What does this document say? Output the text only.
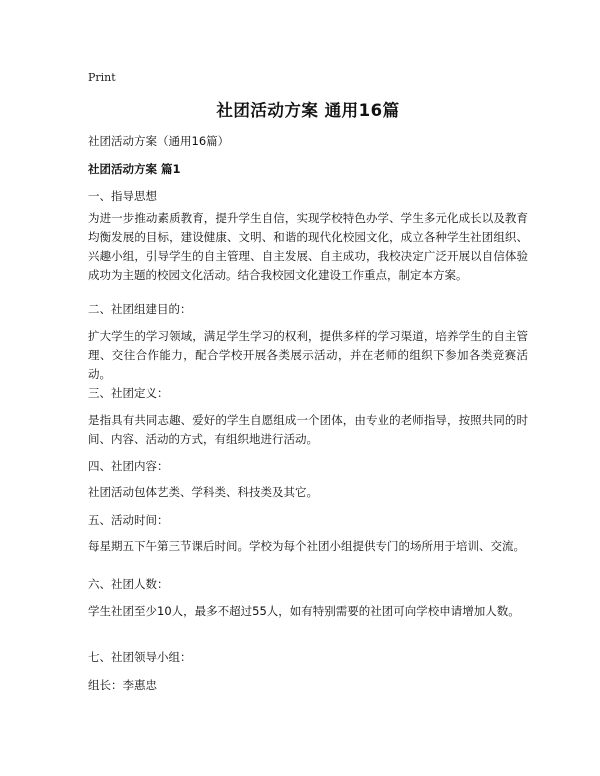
Print
社团活动方案 通用16篇

社团活动方案（通用16篇）

社团活动方案 篇1

一、指导思想

为进一步推动素质教育，提升学生自信，实现学校特色办学、学生多元化成长以及教育均衡发展的目标，建设健康、文明、和谐的现代化校园文化，成立各种学生社团组织、兴趣小组，引导学生的自主管理、自主发展、自主成功，我校决定广泛开展以自信体验成功为主题的校园文化活动。结合我校园文化建设工作重点，制定本方案。

二、社团组建目的：

扩大学生的学习领域，满足学生学习的权利，提供多样的学习渠道，培养学生的自主管理、交往合作能力，配合学校开展各类展示活动，并在老师的组织下参加各类竞赛活动。

三、社团定义：

是指具有共同志趣、爱好的学生自愿组成一个团体，由专业的老师指导，按照共同的时间、内容、活动的方式，有组织地进行活动。

四、社团内容：

社团活动包体艺类、学科类、科技类及其它。

五、活动时间：

每星期五下午第三节课后时间。学校为每个社团小组提供专门的场所用于培训、交流。

六、社团人数：

学生社团至少10人，最多不超过55人，如有特别需要的社团可向学校申请增加人数。

七、社团领导小组：

组长：李惠忠
